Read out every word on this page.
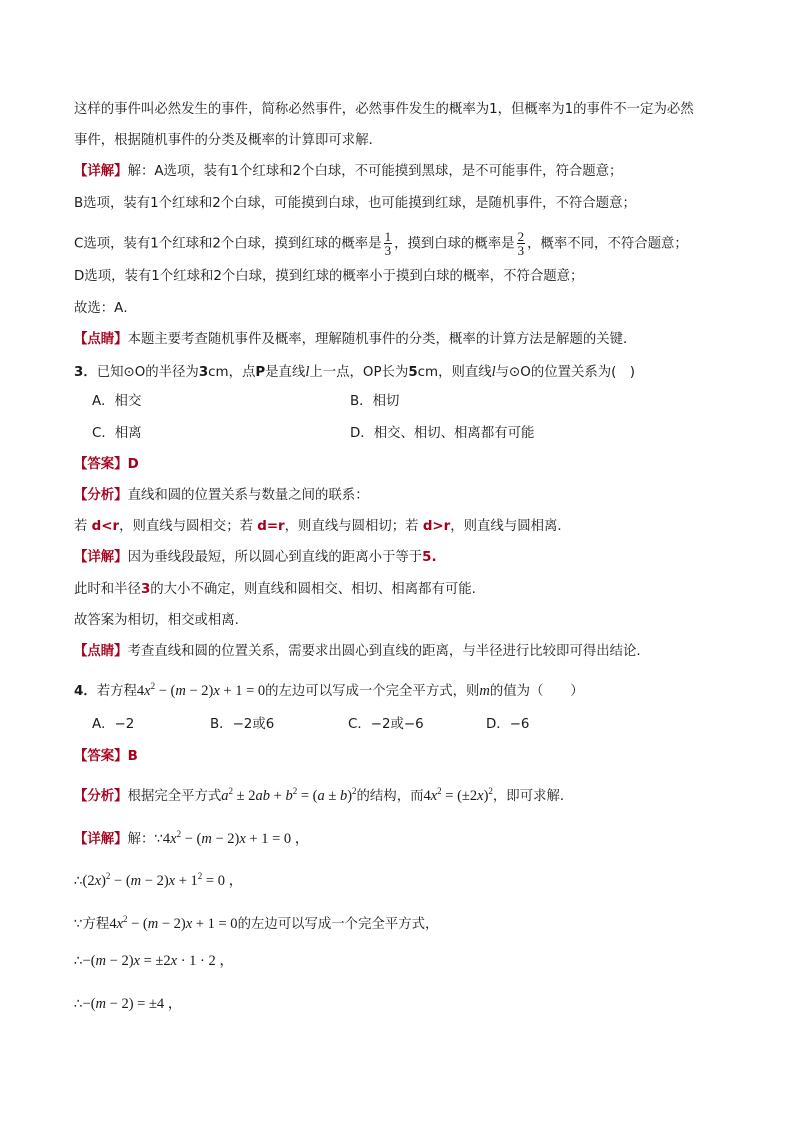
这样的事件叫必然发生的事件，简称必然事件，必然事件发生的概率为1，但概率为1的事件不一定为必然
事件，根据随机事件的分类及概率的计算即可求解．
【详解】解：A选项，装有1个红球和2个白球，不可能摸到黑球，是不可能事件，符合题意；
B选项，装有1个红球和2个白球，可能摸到白球，也可能摸到红球，是随机事件，不符合题意；
C选项，装有1个红球和2个白球，摸到红球的概率是 $\frac{1}{3}$ ，摸到白球的概率是 $\frac{2}{3}$ ，概率不同，不符合题意；
D选项，装有1个红球和2个白球，摸到红球的概率小于摸到白球的概率，不符合题意；
故选：A．
【点睛】本题主要考查随机事件及概率，理解随机事件的分类，概率的计算方法是解题的关键．
3．已知⊙O的半径为3cm，点P是直线l上一点，OP长为5cm，则直线l与⊙O的位置关系为(　)
A．相交	B．相切
C．相离	D．相交、相切、相离都有可能
【答案】D
【分析】直线和圆的位置关系与数量之间的联系：
若 d<r，则直线与圆相交；若 d=r，则直线与圆相切；若 d>r，则直线与圆相离．
【详解】因为垂线段最短，所以圆心到直线的距离小于等于5.
此时和半径3的大小不确定，则直线和圆相交、相切、相离都有可能.
故答案为相切，相交或相离.
【点睛】考查直线和圆的位置关系，需要求出圆心到直线的距离，与半径进行比较即可得出结论.
4．若方程$4x^2 - (m - 2)x + 1 = 0$的左边可以写成一个完全平方式，则m的值为（　　）
A．−2	B．−2或6	C．−2或−6	D．−6
【答案】B
【分析】根据完全平方式$a^2 \pm 2ab + b^2 = (a \pm b)^2$的结构，而$4x^2 = (\pm 2x)^2$，即可求解．
【详解】解：$\because 4x^2 - (m - 2)x + 1 = 0$ ，
$\therefore(2x)^2 - (m - 2)x + 1^2 = 0$ ，
∵方程$4x^2 - (m - 2)x + 1 = 0$的左边可以写成一个完全平方式，
∴−(m − 2)x = ±2x · 1 · 2 ，
∴−(m − 2) = ±4 ，
